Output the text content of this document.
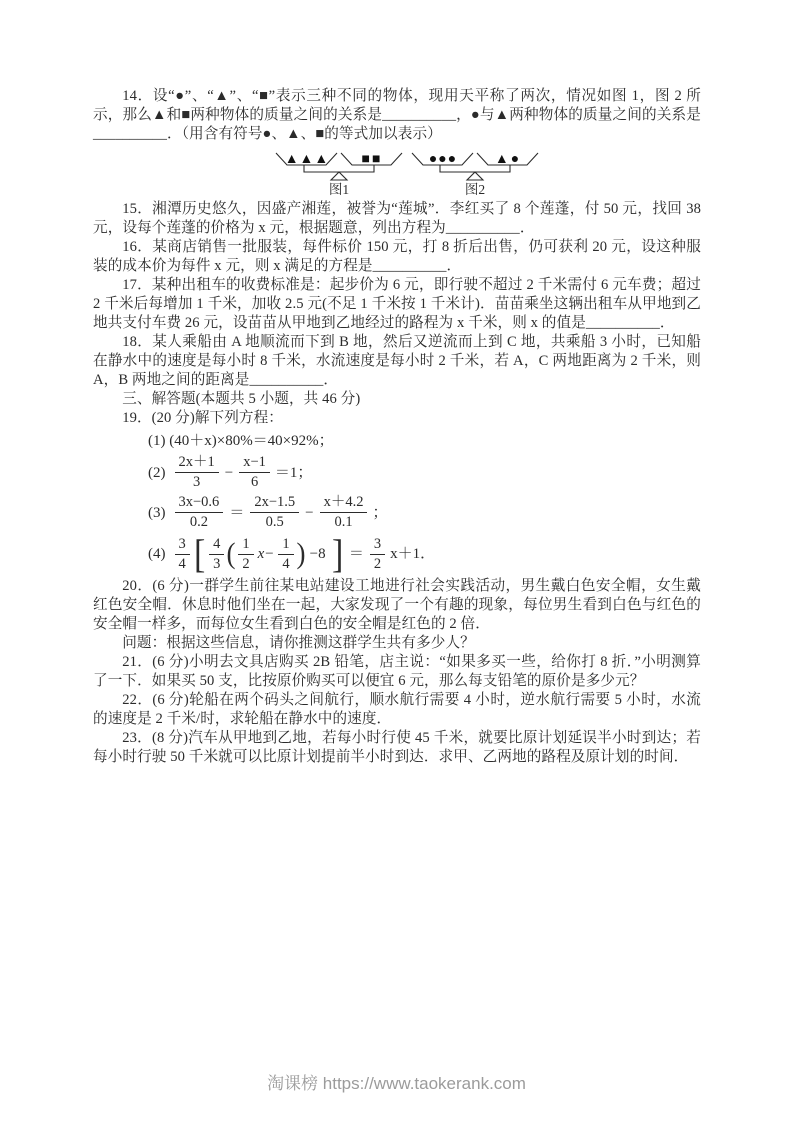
14．设“●”、“▲”、“■”表示三种不同的物体，现用天平称了两次，情况如图 1，图 2 所示，那么▲和■两种物体的质量之间的关系是__________，●与▲两种物体的质量之间的关系是__________．（用含有符号●、▲、■的等式加以表示）

▲▲▲ ■■
图1
●●●	▲●
图2

15．湘潭历史悠久，因盛产湘莲，被誉为“莲城”．李红买了 8 个莲蓬，付 50 元，找回 38 元，设每个莲蓬的价格为 x 元，根据题意，列出方程为__________．

16．某商店销售一批服装，每件标价 150 元，打 8 折后出售，仍可获利 20 元，设这种服装的成本价为每件 x 元，则 x 满足的方程是__________．

17．某种出租车的收费标准是：起步价为 6 元，即行驶不超过 2 千米需付 6 元车费；超过 2 千米后每增加 1 千米，加收 2.5 元(不足 1 千米按 1 千米计)．苗苗乘坐这辆出租车从甲地到乙地共支付车费 26 元，设苗苗从甲地到乙地经过的路程为 x 千米，则 x 的值是__________．

18．某人乘船由 A 地顺流而下到 B 地，然后又逆流而上到 C 地，共乘船 3 小时，已知船在静水中的速度是每小时 8 千米，水流速度是每小时 2 千米，若 A，C 两地距离为 2 千米，则 A，B 两地之间的距离是__________．

三、解答题(本题共 5 小题，共 46 分)

19．(20 分)解下列方程：

(1) (40＋x)×80%＝40×92%；
$(2) \frac{2x+1}{3} - \frac{x-1}{6} =1$；
$(3) \frac{3x-0.6}{0.2} = \frac{2x-1.5}{0.5} - \frac{x+4.2}{0.1}$ ；
$(4) \frac{3}{4}$ [ $\frac{4}{3}$ ( $\frac{1}{2} x- \frac{1}{4}$ ) −8 ] ＝ $\frac{3}{2} x+1$．

20．(6 分)一群学生前往某电站建设工地进行社会实践活动，男生戴白色安全帽，女生戴红色安全帽．休息时他们坐在一起，大家发现了一个有趣的现象，每位男生看到白色与红色的安全帽一样多，而每位女生看到白色的安全帽是红色的 2 倍．

问题：根据这些信息，请你推测这群学生共有多少人？

21．(6 分)小明去文具店购买 2B 铅笔，店主说：“如果多买一些，给你打 8 折．”小明测算了一下．如果买 50 支，比按原价购买可以便宜 6 元，那么每支铅笔的原价是多少元？

22．(6 分)轮船在两个码头之间航行，顺水航行需要 4 小时，逆水航行需要 5 小时，水流的速度是 2 千米/时，求轮船在静水中的速度．

23．(8 分)汽车从甲地到乙地，若每小时行使 45 千米，就要比原计划延误半小时到达；若每小时行驶 50 千米就可以比原计划提前半小时到达．求甲、乙两地的路程及原计划的时间．

淘课榜 https://www.taokerank.com
